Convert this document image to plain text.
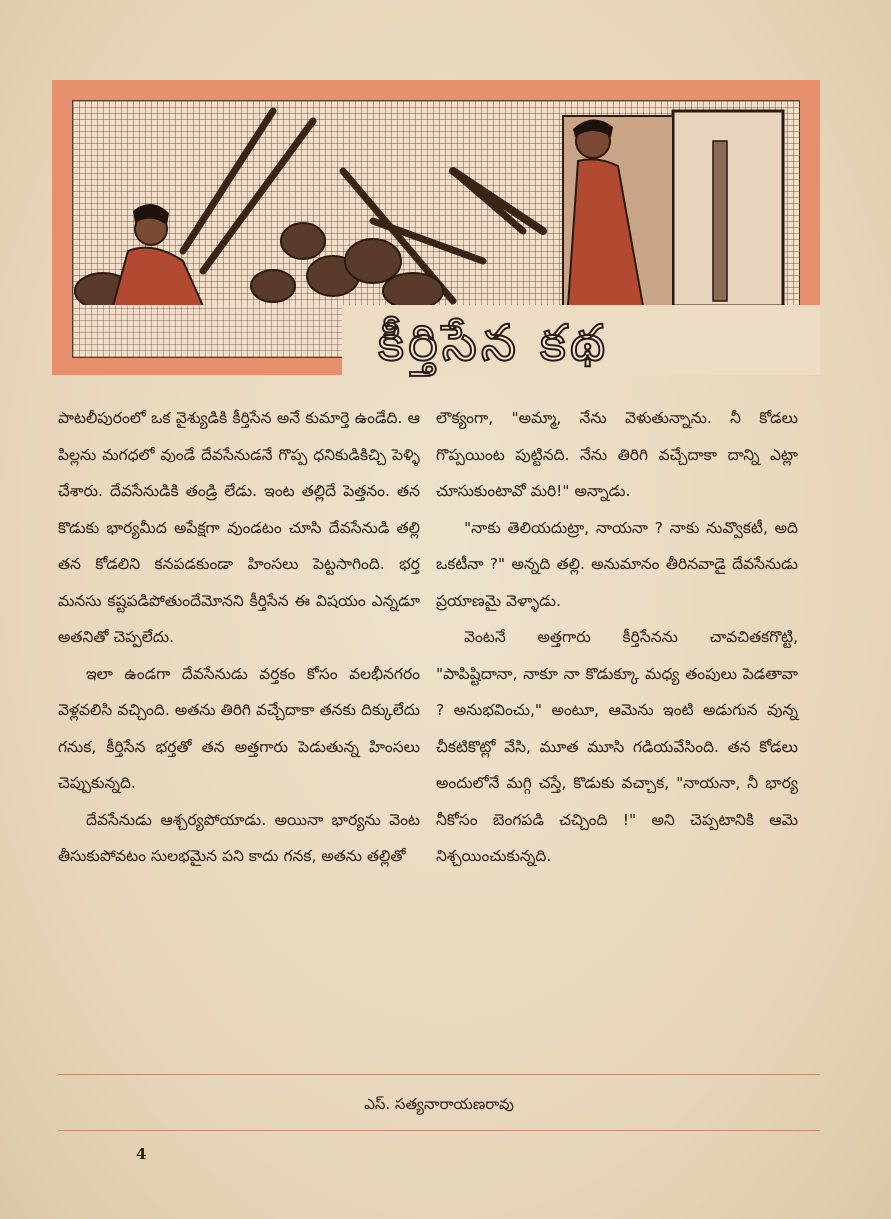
కీర్తిసేన కథ

పాటలీపురంలో ఒక వైశ్యుడికి కీర్తిసేన అనే కుమార్తె ఉండేది. ఆ పిల్లను మగధలో వుండే దేవసేనుడనే గొప్ప ధనికుడికిచ్చి పెళ్ళి చేశారు. దేవసేనుడికి తండ్రి లేడు. ఇంట తల్లిదే పెత్తనం. తన కొడుకు భార్యమీద అపేక్షగా వుండటం చూసి దేవసేనుడి తల్లి తన కోడలిని కనపడకుండా హింసలు పెట్టసాగింది. భర్త మనసు కష్టపడిపోతుందేమోనని కీర్తిసేన ఈ విషయం ఎన్నడూ అతనితో చెప్పలేదు.

ఇలా ఉండగా దేవసేనుడు వర్తకం కోసం వలభీనగరం వెళ్లవలిసి వచ్చింది. అతను తిరిగి వచ్చేదాకా తనకు దిక్కులేదు గనుక, కీర్తిసేన భర్తతో తన అత్తగారు పెడుతున్న హింసలు చెప్పుకున్నది.

దేవసేనుడు ఆశ్చర్యపోయాడు. అయినా భార్యను వెంట తీసుకుపోవటం సులభమైన పని కాదు గనక, అతను తల్లితో

లౌక్యంగా, "అమ్మా, నేను వెళుతున్నాను. నీ కోడలు గొప్పయింట పుట్టినది. నేను తిరిగి వచ్చేదాకా దాన్ని ఎట్లా చూసుకుంటావో మరి!" అన్నాడు.

"నాకు తెలియదుట్రా, నాయనా ? నాకు నువ్వొకటీ, అది ఒకటీనా ?" అన్నది తల్లి. అనుమానం తీరినవాడై దేవసేనుడు ప్రయాణమై వెళ్ళాడు.

వెంటనే అత్తగారు కీర్తిసేనను చావచితకగొట్టి, "పాపిష్టిదానా, నాకూ నా కొడుక్కూ మధ్య తంపులు పెడతావా ? అనుభవించు," అంటూ, ఆమెను ఇంటి అడుగున వున్న చీకటికొట్లో వేసి, మూత మూసి గడియవేసింది. తన కోడలు అందులోనే మగ్గి చస్తే, కొడుకు వచ్చాక, "నాయనా, నీ భార్య నీకోసం బెంగపడి చచ్చింది !" అని చెప్పటానికి ఆమె నిశ్చయించుకున్నది.

ఎస్. సత్యనారాయణరావు
4
